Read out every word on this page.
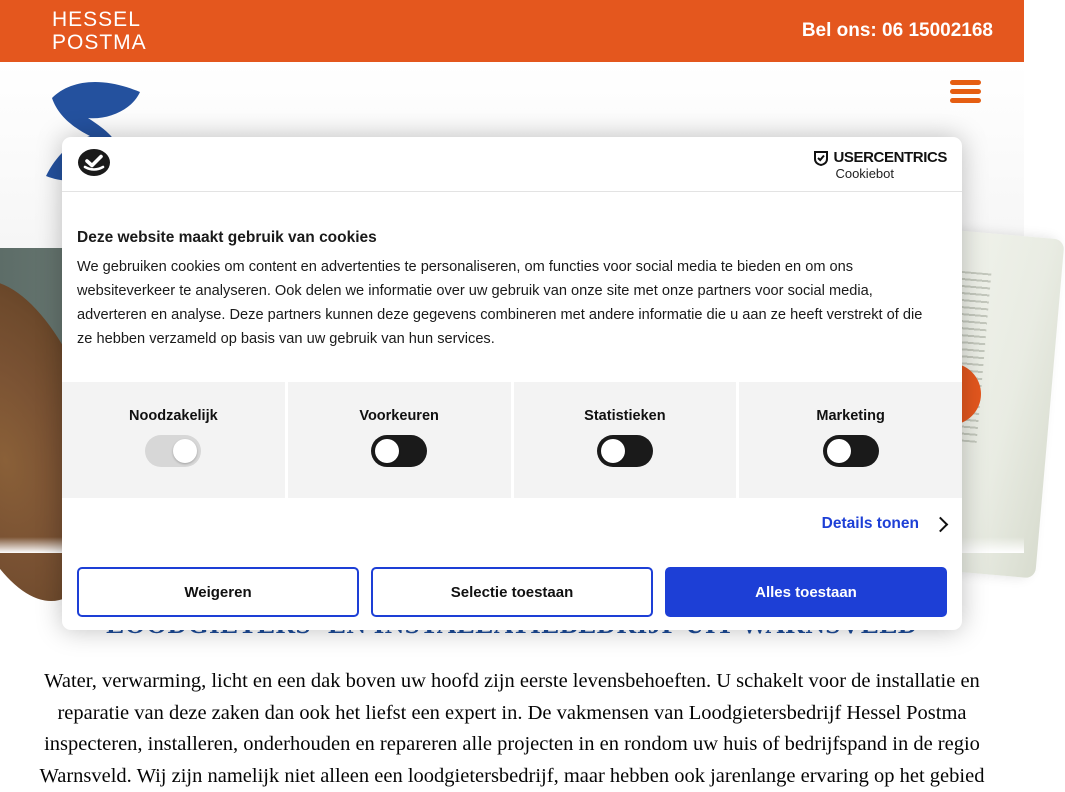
HESSEL
POSTMA
Bel ons: 06 15002168
Water, verwarming, licht en een dak boven uw hoofd zijn eerste levensbehoeften. U schakelt voor de installatie en
reparatie van deze zaken dan ook het liefst een expert in. De vakmensen van Loodgietersbedrijf Hessel Postma
inspecteren, installeren, onderhouden en repareren alle projecten in en rondom uw huis of bedrijfspand in de regio
Warnsveld. Wij zijn namelijk niet alleen een loodgietersbedrijf, maar hebben ook jarenlange ervaring op het gebied
USERCENTRICS
Cookiebot
Deze website maakt gebruik van cookies
We gebruiken cookies om content en advertenties te personaliseren, om functies voor social media te bieden en om ons websiteverkeer te analyseren. Ook delen we informatie over uw gebruik van onze site met onze partners voor social media, adverteren en analyse. Deze partners kunnen deze gegevens combineren met andere informatie die u aan ze heeft verstrekt of die ze hebben verzameld op basis van uw gebruik van hun services.
Noodzakelijk	Voorkeuren	Statistieken	Marketing
Details tonen
Weigeren	Selectie toestaan	Alles toestaan
